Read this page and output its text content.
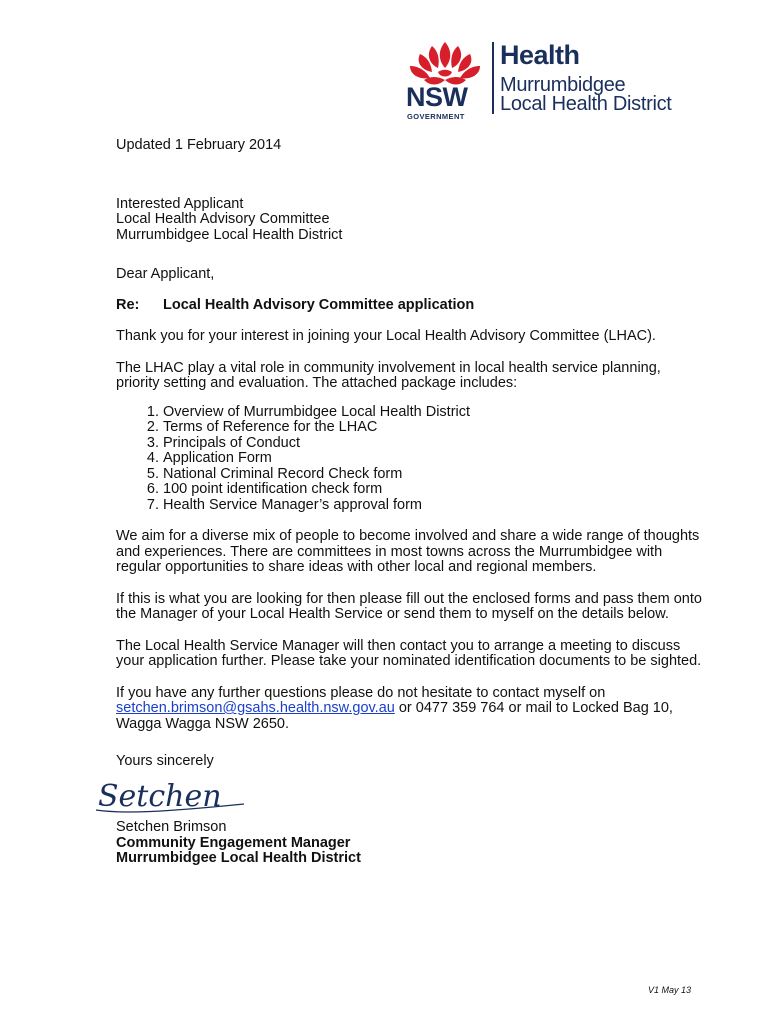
NSW
GOVERNMENT
Health
Murrumbidgee
Local Health District

Updated 1 February 2014

Interested Applicant

Local Health Advisory Committee

Murrumbidgee Local Health District

Dear Applicant,

Re: Local Health Advisory Committee application

Thank you for your interest in joining your Local Health Advisory Committee (LHAC).

The LHAC play a vital role in community involvement in local health service planning, priority setting and evaluation. The attached package includes:

1. Overview of Murrumbidgee Local Health District
2. Terms of Reference for the LHAC
3. Principals of Conduct
4. Application Form
5. National Criminal Record Check form
6. 100 point identification check form
7. Health Service Manager’s approval form

We aim for a diverse mix of people to become involved and share a wide range of thoughts and experiences. There are committees in most towns across the Murrumbidgee with regular opportunities to share ideas with other local and regional members.

If this is what you are looking for then please fill out the enclosed forms and pass them onto the Manager of your Local Health Service or send them to myself on the details below.

The Local Health Service Manager will then contact you to arrange a meeting to discuss your application further. Please take your nominated identification documents to be sighted.

If you have any further questions please do not hesitate to contact myself on setchen.brimson@gsahs.health.nsw.gov.au or 0477 359 764 or mail to Locked Bag 10, Wagga Wagga NSW 2650.

Yours sincerely

Setchen

Setchen Brimson

Community Engagement Manager

Murrumbidgee Local Health District

V1 May 13
